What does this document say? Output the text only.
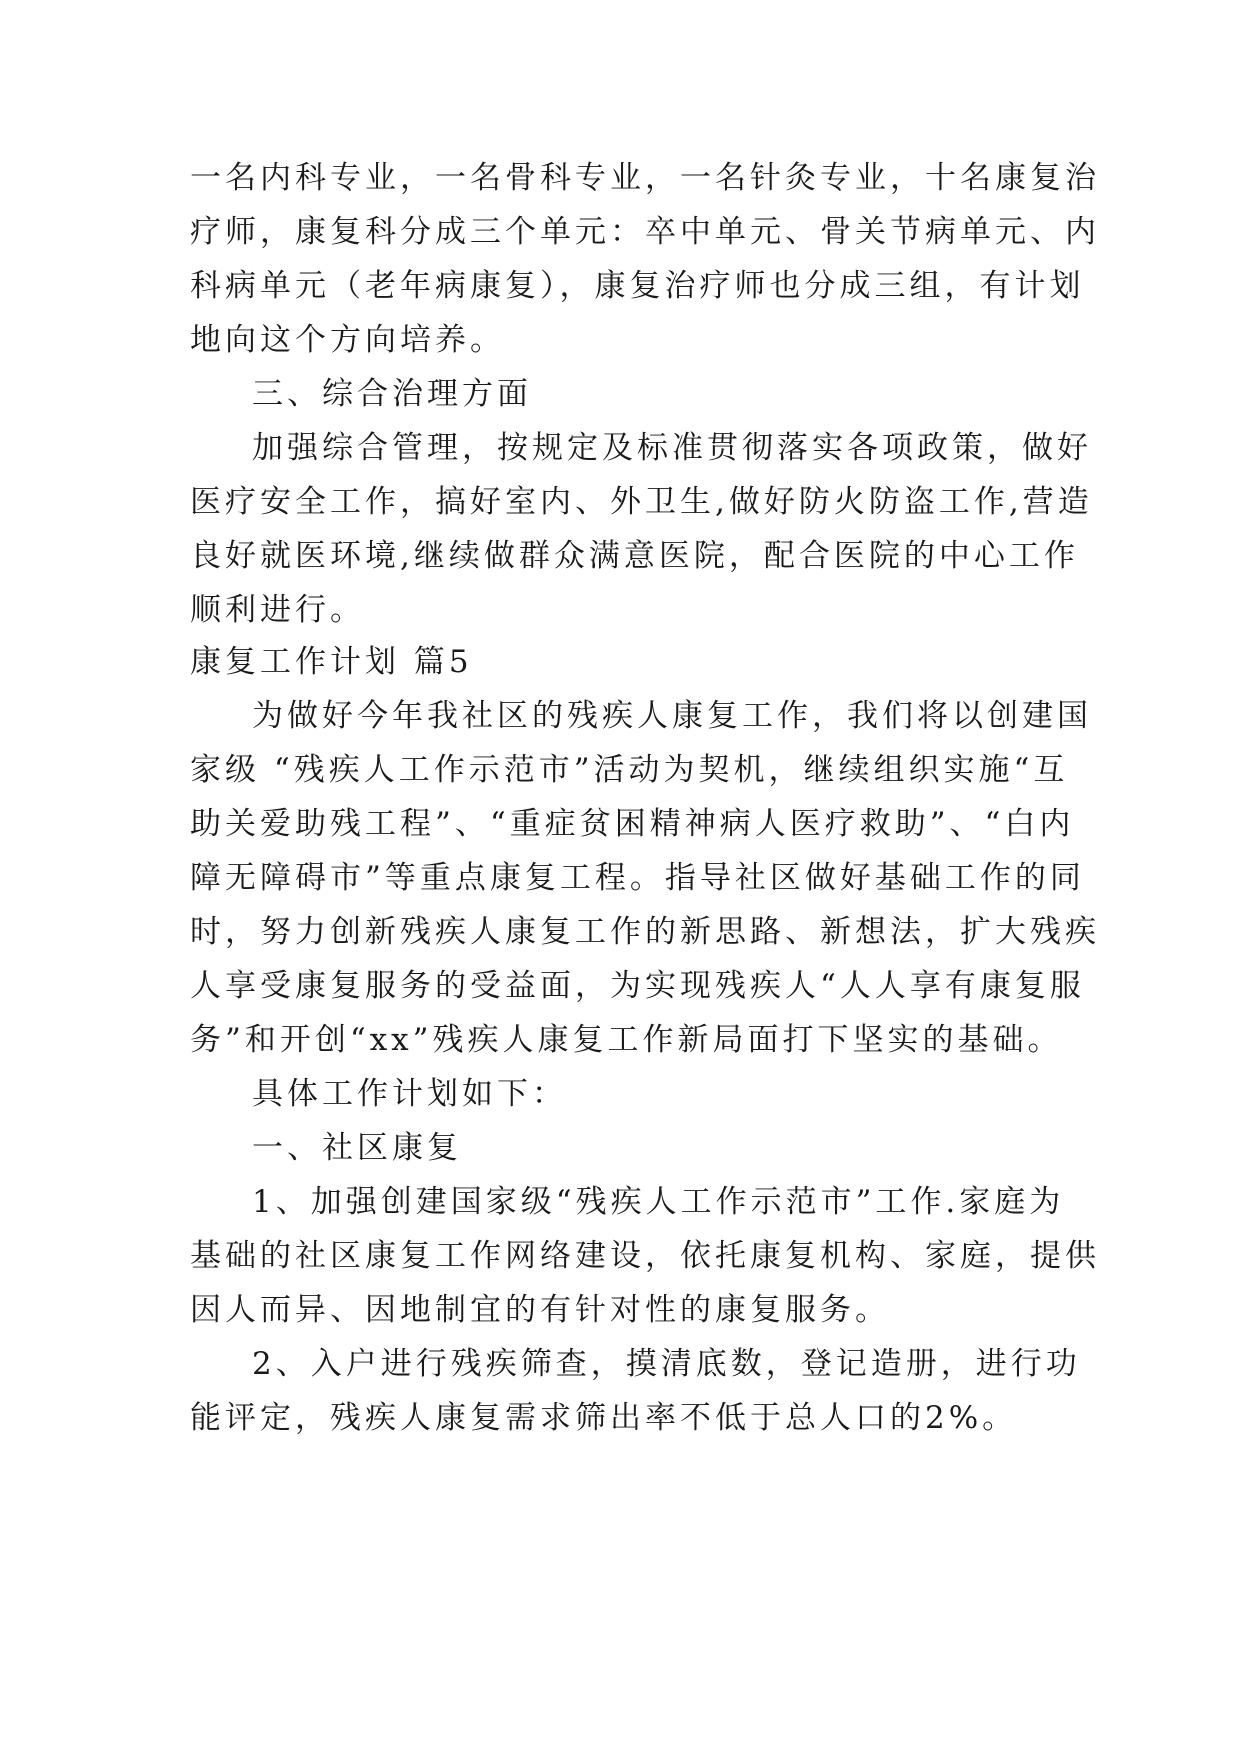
一名内科专业，一名骨科专业，一名针灸专业，十名康复治
疗师，康复科分成三个单元：卒中单元、骨关节病单元、内
科病单元（老年病康复），康复治疗师也分成三组，有计划
地向这个方向培养。
三、综合治理方面
加强综合管理，按规定及标准贯彻落实各项政策，做好
医疗安全工作，搞好室内、外卫生,做好防火防盗工作,营造
良好就医环境,继续做群众满意医院，配合医院的中心工作
顺利进行。
康复工作计划 篇5
为做好今年我社区的残疾人康复工作，我们将以创建国
家级 “残疾人工作示范市”活动为契机，继续组织实施“互
助关爱助残工程”、“重症贫困精神病人医疗救助”、“白内
障无障碍市”等重点康复工程。指导社区做好基础工作的同
时，努力创新残疾人康复工作的新思路、新想法，扩大残疾
人享受康复服务的受益面，为实现残疾人“人人享有康复服
务”和开创“xx”残疾人康复工作新局面打下坚实的基础。
具体工作计划如下：
一、社区康复
1、加强创建国家级“残疾人工作示范市”工作.家庭为
基础的社区康复工作网络建设，依托康复机构、家庭，提供
因人而异、因地制宜的有针对性的康复服务。
2、入户进行残疾筛查，摸清底数，登记造册，进行功
能评定，残疾人康复需求筛出率不低于总人口的2%。
